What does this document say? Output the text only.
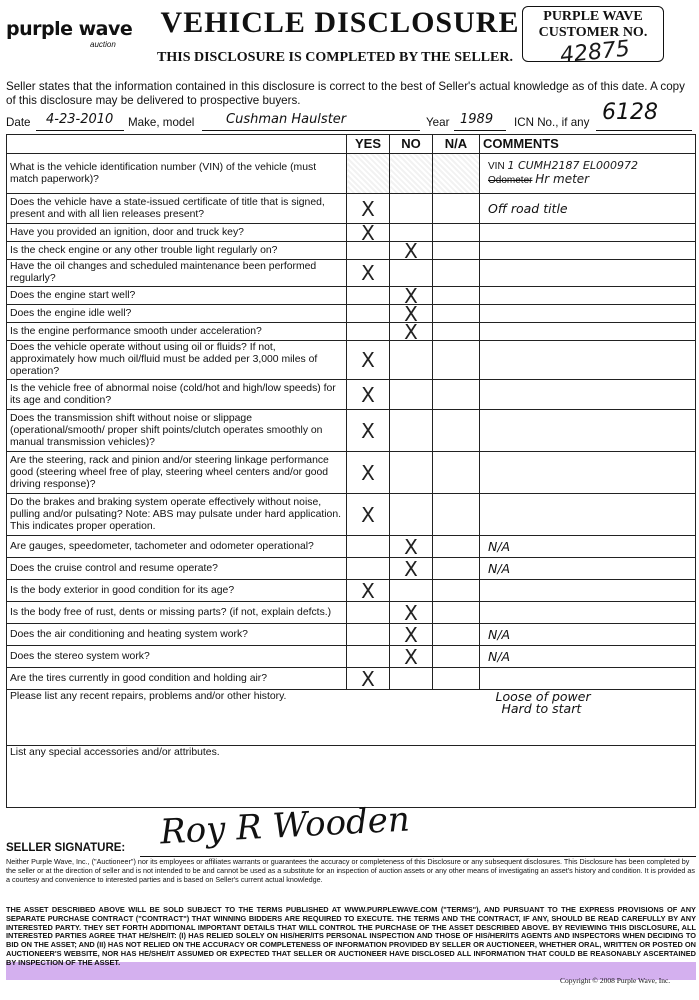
purple wave
auction
VEHICLE DISCLOSURE
THIS DISCLOSURE IS COMPLETED BY THE SELLER.
PURPLE WAVE
CUSTOMER NO.
42875
Seller states that the information contained in this disclosure is correct to the best of Seller's actual knowledge as of this date. A copy of this disclosure may be delivered to prospective buyers.
Date 4-23-2010 Make, model Cushman Haulster	Year 1989 ICN No., if any 6128
	YES	NO	N/A	COMMENTS
What is the vehicle identification number (VIN) of the vehicle (must match paperwork)?				VIN 1 CUMH2187 EL000972
Odometer Hr meter

Does the vehicle have a state-issued certificate of title that is signed, present and with all lien releases present?	X			Off road title
Have you provided an ignition, door and truck key?	X			
Is the check engine or any other trouble light regularly on?		X		
Have the oil changes and scheduled maintenance been performed regularly?	X			
Does the engine start well?		X		
Does the engine idle well?		X		
Is the engine performance smooth under acceleration?		X		
Does the vehicle operate without using oil or fluids? If not, approximately how much oil/fluid must be added per 3,000 miles of operation?	X			
Is the vehicle free of abnormal noise (cold/hot and high/low speeds) for its age and condition?	X			
Does the transmission shift without noise or slippage (operational/smooth/ proper shift points/clutch operates smoothly on manual transmission vehicles)?	X			
Are the steering, rack and pinion and/or steering linkage performance good (steering wheel free of play, steering wheel centers and/or good driving response)?	X			
Do the brakes and braking system operate effectively without noise, pulling and/or pulsating? Note: ABS may pulsate under hard application. This indicates proper operation.	X			
Are gauges, speedometer, tachometer and odometer operational?		X		N/A
Does the cruise control and resume operate?		X		N/A
Is the body exterior in good condition for its age?	X			
Is the body free of rust, dents or missing parts? (if not, explain defcts.)		X		
Does the air conditioning and heating system work?		X		N/A
Does the stereo system work?		X		N/A
Are the tires currently in good condition and holding air?	X			
Please list any recent repairs, problems and/or other history.				Loose of power
Hard to start

List any special accessories and/or attributes.				
SELLER SIGNATURE: Roy R Wooden
Neither Purple Wave, Inc., ("Auctioneer") nor its employees or affiliates warrants or guarantees the accuracy or completeness of this Disclosure or any subsequent disclosures. This Disclosure has been completed by the seller or at the direction of seller and is not intended to be and cannot be used as a substitute for an inspection of auction assets or any other means of investigating an asset's history and condition. It is provided as a courtesy and convenience to interested parties and is based on Seller's current actual knowledge.
THE ASSET DESCRIBED ABOVE WILL BE SOLD SUBJECT TO THE TERMS PUBLISHED AT WWW.PURPLEWAVE.COM ("TERMS"), AND PURSUANT TO THE EXPRESS PROVISIONS OF ANY SEPARATE PURCHASE CONTRACT ("CONTRACT") THAT WINNING BIDDERS ARE REQUIRED TO EXECUTE. THE TERMS AND THE CONTRACT, IF ANY, SHOULD BE READ CAREFULLY BY ANY INTERESTED PARTY. THEY SET FORTH ADDITIONAL IMPORTANT DETAILS THAT WILL CONTROL THE PURCHASE OF THE ASSET DESCRIBED ABOVE. BY REVIEWING THIS DISCLOSURE, ALL INTERESTED PARTIES AGREE THAT HE/SHE/IT: (I) HAS RELIED SOLELY ON HIS/HER/ITS PERSONAL INSPECTION AND THOSE OF HIS/HER/ITS AGENTS AND INSPECTORS WHEN DECIDING TO BID ON THE ASSET; AND (II) HAS NOT RELIED ON THE ACCURACY OR COMPLETENESS OF INFORMATION PROVIDED BY SELLER OR AUCTIONEER, WHETHER ORAL, WRITTEN OR POSTED ON AUCTIONEER'S WEBSITE, NOR HAS HE/SHE/IT ASSUMED OR EXPECTED THAT SELLER OR AUCTIONEER HAVE DISCLOSED ALL INFORMATION THAT COULD BE REASONABLY ASCERTAINED BY INSPECTION OF THE ASSET.
Copyright © 2008 Purple Wave, Inc.
